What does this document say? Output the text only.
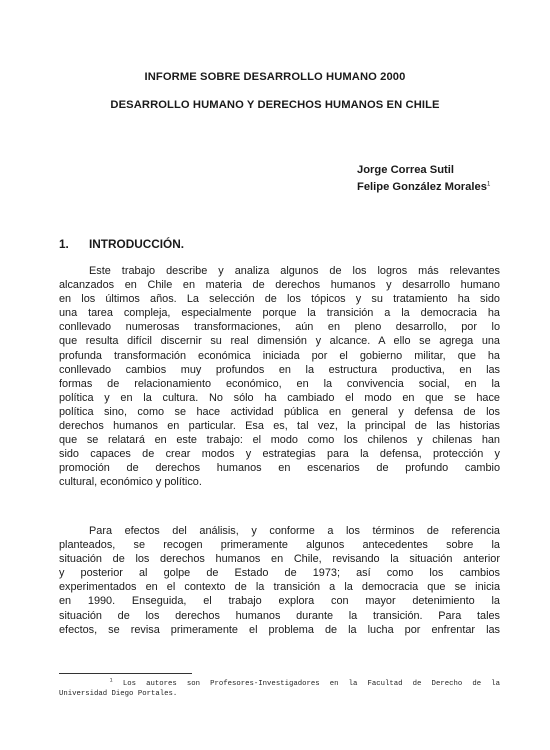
INFORME SOBRE DESARROLLO HUMANO 2000
DESARROLLO HUMANO Y DERECHOS HUMANOS EN CHILE
Jorge Correa Sutil
Felipe González Morales$^1$
1. INTRODUCCIÓN.
Este trabajo describe y analiza algunos de los logros más relevantes
alcanzados en Chile en materia de derechos humanos y desarrollo humano
en los últimos años. La selección de los tópicos y su tratamiento ha sido
una tarea compleja, especialmente porque la transición a la democracia ha
conllevado numerosas transformaciones, aún en pleno desarrollo, por lo
que resulta difícil discernir su real dimensión y alcance. A ello se agrega una
profunda transformación económica iniciada por el gobierno militar, que ha
conllevado cambios muy profundos en la estructura productiva, en las
formas de relacionamiento económico, en la convivencia social, en la
política y en la cultura. No sólo ha cambiado el modo en que se hace
política sino, como se hace actividad pública en general y defensa de los
derechos humanos en particular. Esa es, tal vez, la principal de las historias
que se relatará en este trabajo: el modo como los chilenos y chilenas han
sido capaces de crear modos y estrategias para la defensa, protección y
promoción de derechos humanos en escenarios de profundo cambio
cultural, económico y político.
Para efectos del análisis, y conforme a los términos de referencia
planteados, se recogen primeramente algunos antecedentes sobre la
situación de los derechos humanos en Chile, revisando la situación anterior
y posterior al golpe de Estado de 1973; así como los cambios
experimentados en el contexto de la transición a la democracia que se inicia
en 1990. Enseguida, el trabajo explora con mayor detenimiento la
situación de los derechos humanos durante la transición. Para tales
efectos, se revisa primeramente el problema de la lucha por enfrentar las
$^1$ Los autores son Profesores-Investigadores en la Facultad de Derecho de la
Universidad Diego Portales.
